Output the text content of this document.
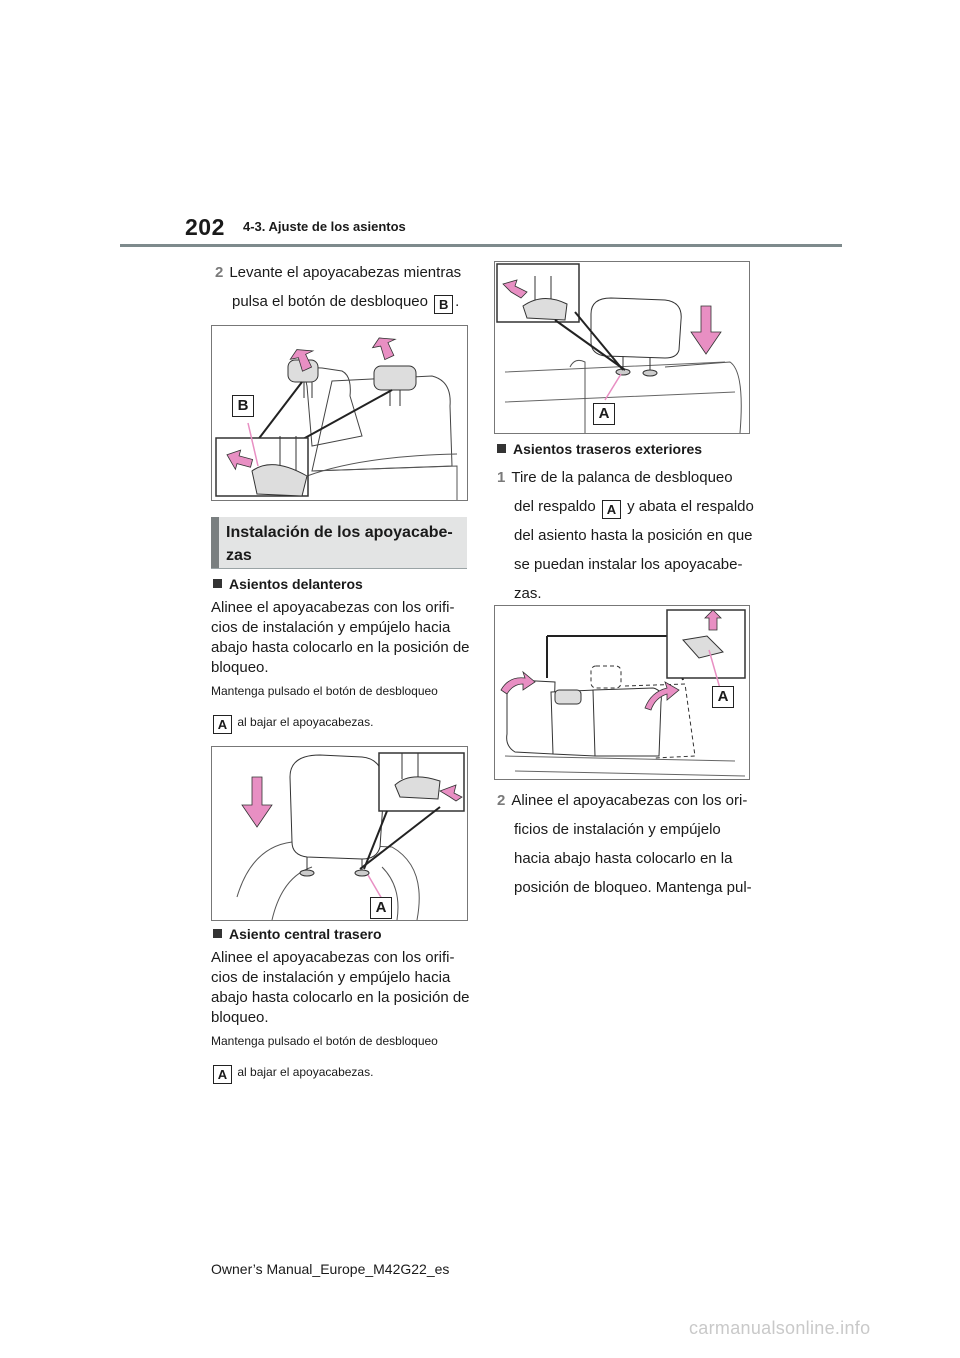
202 4-3. Ajuste de los asientos
2 Levante el apoyacabezas mientras
pulsa el botón de desbloqueo B .
B
Instalación de los apoyacabe-
zas
Asientos delanteros
Alinee el apoyacabezas con los orifi-
cios de instalación y empújelo hacia
abajo hasta colocarlo en la posición de
bloqueo.
Mantenga pulsado el botón de desbloqueo
A al bajar el apoyacabezas.
A
Asiento central trasero
Alinee el apoyacabezas con los orifi-
cios de instalación y empújelo hacia
abajo hasta colocarlo en la posición de
bloqueo.
Mantenga pulsado el botón de desbloqueo
A al bajar el apoyacabezas.
A
Asientos traseros exteriores
1 Tire de la palanca de desbloqueo
del respaldo A y abata el respaldo
del asiento hasta la posición en que
se puedan instalar los apoyacabe-
zas.
A
2 Alinee el apoyacabezas con los ori-
ficios de instalación y empújelo
hacia abajo hasta colocarlo en la
posición de bloqueo. Mantenga pul-
Owner’s Manual_Europe_M42G22_es
carmanualsonline.info
